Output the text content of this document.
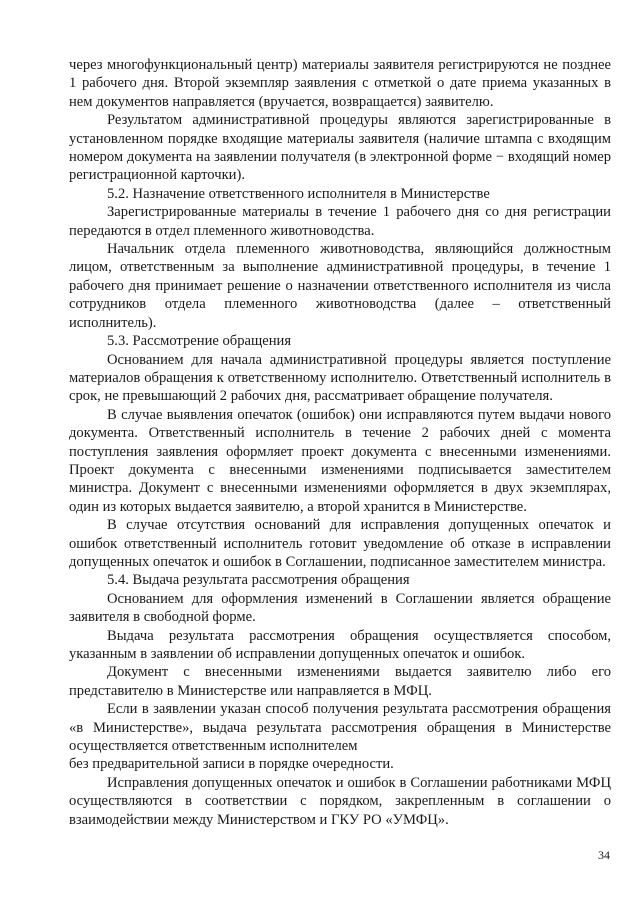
через многофункциональный центр) материалы заявителя регистрируются не позднее 1 рабочего дня. Второй экземпляр заявления с отметкой о дате приема указанных в нем документов направляется (вручается, возвращается) заявителю.

Результатом административной процедуры являются зарегистрированные в установленном порядке входящие материалы заявителя (наличие штампа с входящим номером документа на заявлении получателя (в электронной форме − входящий номер регистрационной карточки).

5.2. Назначение ответственного исполнителя в Министерстве

Зарегистрированные материалы в течение 1 рабочего дня со дня регистрации передаются в отдел племенного животноводства.

Начальник отдела племенного животноводства, являющийся должностным лицом, ответственным за выполнение административной процедуры, в течение 1 рабочего дня принимает решение о назначении ответственного исполнителя из числа сотрудников отдела племенного животноводства (далее – ответственный исполнитель).

5.3. Рассмотрение обращения

Основанием для начала административной процедуры является поступление материалов обращения к ответственному исполнителю. Ответственный исполнитель в срок, не превышающий 2 рабочих дня, рассматривает обращение получателя.

В случае выявления опечаток (ошибок) они исправляются путем выдачи нового документа. Ответственный исполнитель в течение 2 рабочих дней с момента поступления заявления оформляет проект документа с внесенными изменениями. Проект документа с внесенными изменениями подписывается заместителем министра. Документ с внесенными изменениями оформляется в двух экземплярах, один из которых выдается заявителю, а второй хранится в Министерстве.

В случае отсутствия оснований для исправления допущенных опечаток и ошибок ответственный исполнитель готовит уведомление об отказе в исправлении допущенных опечаток и ошибок в Соглашении, подписанное заместителем министра.

5.4. Выдача результата рассмотрения обращения

Основанием для оформления изменений в Соглашении является обращение заявителя в свободной форме.

Выдача результата рассмотрения обращения осуществляется способом, указанным в заявлении об исправлении допущенных опечаток и ошибок.

Документ с внесенными изменениями выдается заявителю либо его представителю в Министерстве или направляется в МФЦ.

Если в заявлении указан способ получения результата рассмотрения обращения «в Министерстве», выдача результата рассмотрения обращения в Министерстве осуществляется ответственным исполнителем

без предварительной записи в порядке очередности.

Исправления допущенных опечаток и ошибок в Соглашении работниками МФЦ осуществляются в соответствии с порядком, закрепленным в соглашении о взаимодействии между Министерством и ГКУ РО «УМФЦ».

34
